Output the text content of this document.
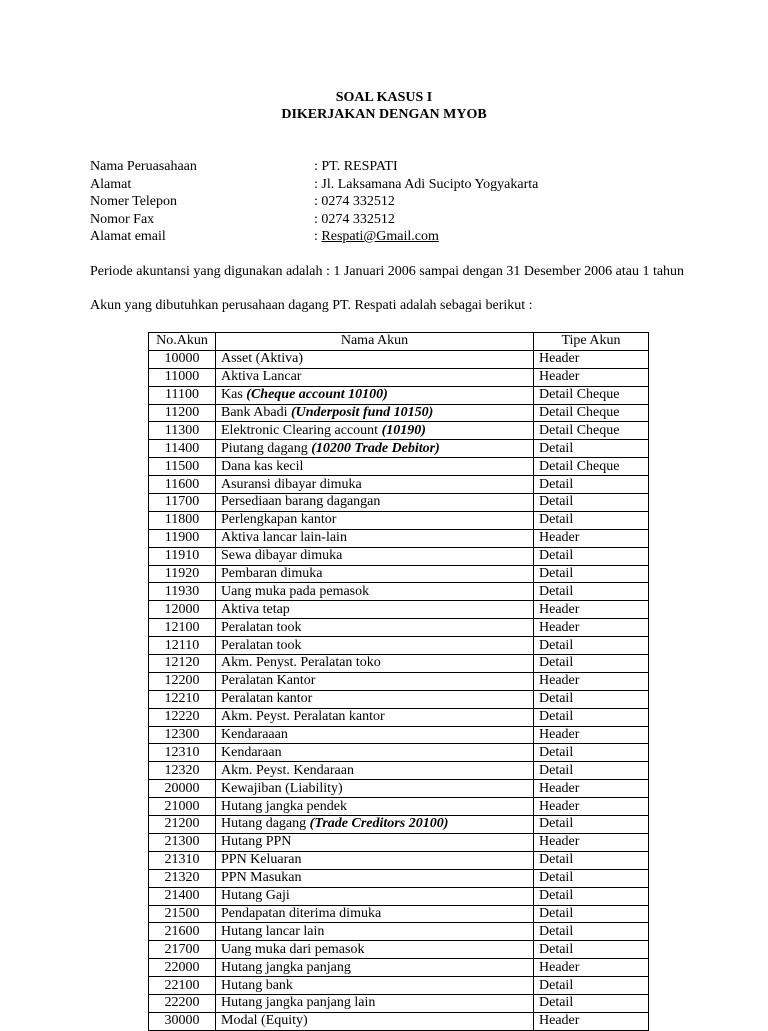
SOAL KASUS I
DIKERJAKAN DENGAN MYOB
Nama Peruasahaan	: PT. RESPATI
Alamat	: Jl. Laksamana Adi Sucipto Yogyakarta
Nomer Telepon	: 0274 332512
Nomor Fax	: 0274 332512
Alamat email	: Respati@Gmail.com
Periode akuntansi yang digunakan adalah : 1 Januari 2006 sampai dengan 31 Desember 2006 atau 1 tahun
Akun yang dibutuhkan perusahaan dagang PT. Respati adalah sebagai berikut :
No.Akun	Nama Akun	Tipe Akun
10000	Asset (Aktiva)	Header
11000	Aktiva Lancar	Header
11100	Kas (Cheque account 10100)	Detail Cheque
11200	Bank Abadi (Underposit fund 10150)	Detail Cheque
11300	Elektronic Clearing account (10190)	Detail Cheque
11400	Piutang dagang (10200 Trade Debitor)	Detail
11500	Dana kas kecil	Detail Cheque
11600	Asuransi dibayar dimuka	Detail
11700	Persediaan barang dagangan	Detail
11800	Perlengkapan kantor	Detail
11900	Aktiva lancar lain-lain	Header
11910	Sewa dibayar dimuka	Detail
11920	Pembaran dimuka	Detail
11930	Uang muka pada pemasok	Detail
12000	Aktiva tetap	Header
12100	Peralatan took	Header
12110	Peralatan took	Detail
12120	Akm. Penyst. Peralatan toko	Detail
12200	Peralatan Kantor	Header
12210	Peralatan kantor	Detail
12220	Akm. Peyst. Peralatan kantor	Detail
12300	Kendaraaan	Header
12310	Kendaraan	Detail
12320	Akm. Peyst. Kendaraan	Detail
20000	Kewajiban (Liability)	Header
21000	Hutang jangka pendek	Header
21200	Hutang dagang (Trade Creditors 20100)	Detail
21300	Hutang PPN	Header
21310	PPN Keluaran	Detail
21320	PPN Masukan	Detail
21400	Hutang Gaji	Detail
21500	Pendapatan diterima dimuka	Detail
21600	Hutang lancar lain	Detail
21700	Uang muka dari pemasok	Detail
22000	Hutang jangka panjang	Header
22100	Hutang bank	Detail
22200	Hutang jangka panjang lain	Detail
30000	Modal (Equity)	Header
